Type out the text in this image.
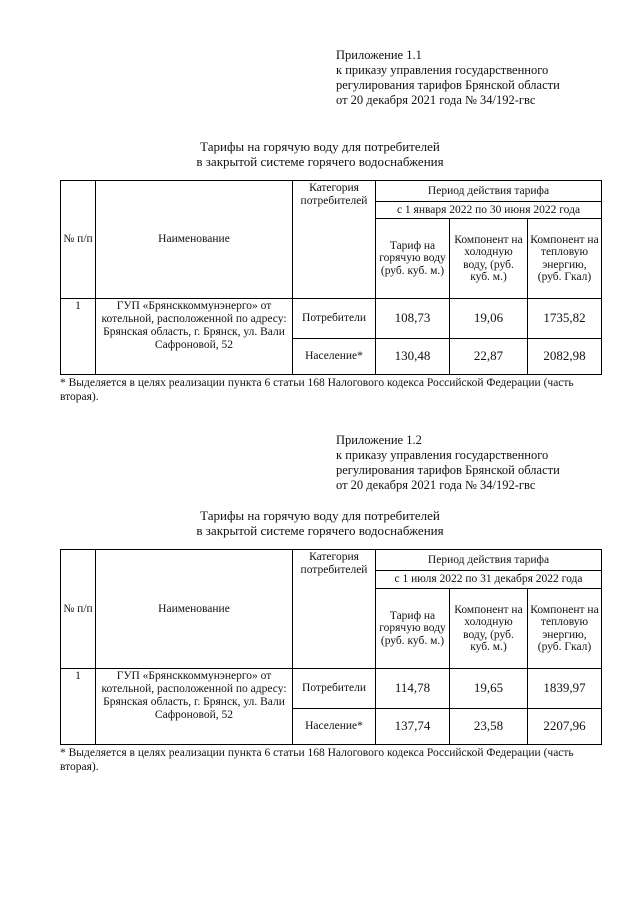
Приложение 1.1
к приказу управления государственного
регулирования тарифов Брянской области
от 20 декабря 2021 года № 34/192-гвс
Тарифы на горячую воду для потребителей
в закрытой системе горячего водоснабжения
№ п/п	Наименование	Категория потребителей	Период действия тарифа		
			с 1 января 2022 по 30 июня 2022 года		
			Тариф на горячую воду (руб. куб. м.)	Компонент на холодную воду, (руб. куб. м.)	Компонент на тепловую энергию, (руб. Гкал)
1	ГУП «Брянсккоммунэнерго» от котельной, расположенной по адресу: Брянская область, г. Брянск, ул. Вали Сафроновой, 52	Потребители	108,73	19,06	1735,82
		Население*	130,48	22,87	2082,98
* Выделяется в целях реализации пункта 6 статьи 168 Налогового кодекса Российской Федерации (часть вторая).
Приложение 1.2
к приказу управления государственного
регулирования тарифов Брянской области
от 20 декабря 2021 года № 34/192-гвс
Тарифы на горячую воду для потребителей
в закрытой системе горячего водоснабжения
№ п/п	Наименование	Категория потребителей	Период действия тарифа		
			с 1 июля 2022 по 31 декабря 2022 года		
			Тариф на горячую воду (руб. куб. м.)	Компонент на холодную воду, (руб. куб. м.)	Компонент на тепловую энергию, (руб. Гкал)
1	ГУП «Брянсккоммунэнерго» от котельной, расположенной по адресу: Брянская область, г. Брянск, ул. Вали Сафроновой, 52	Потребители	114,78	19,65	1839,97
		Население*	137,74	23,58	2207,96
* Выделяется в целях реализации пункта 6 статьи 168 Налогового кодекса Российской Федерации (часть вторая).
